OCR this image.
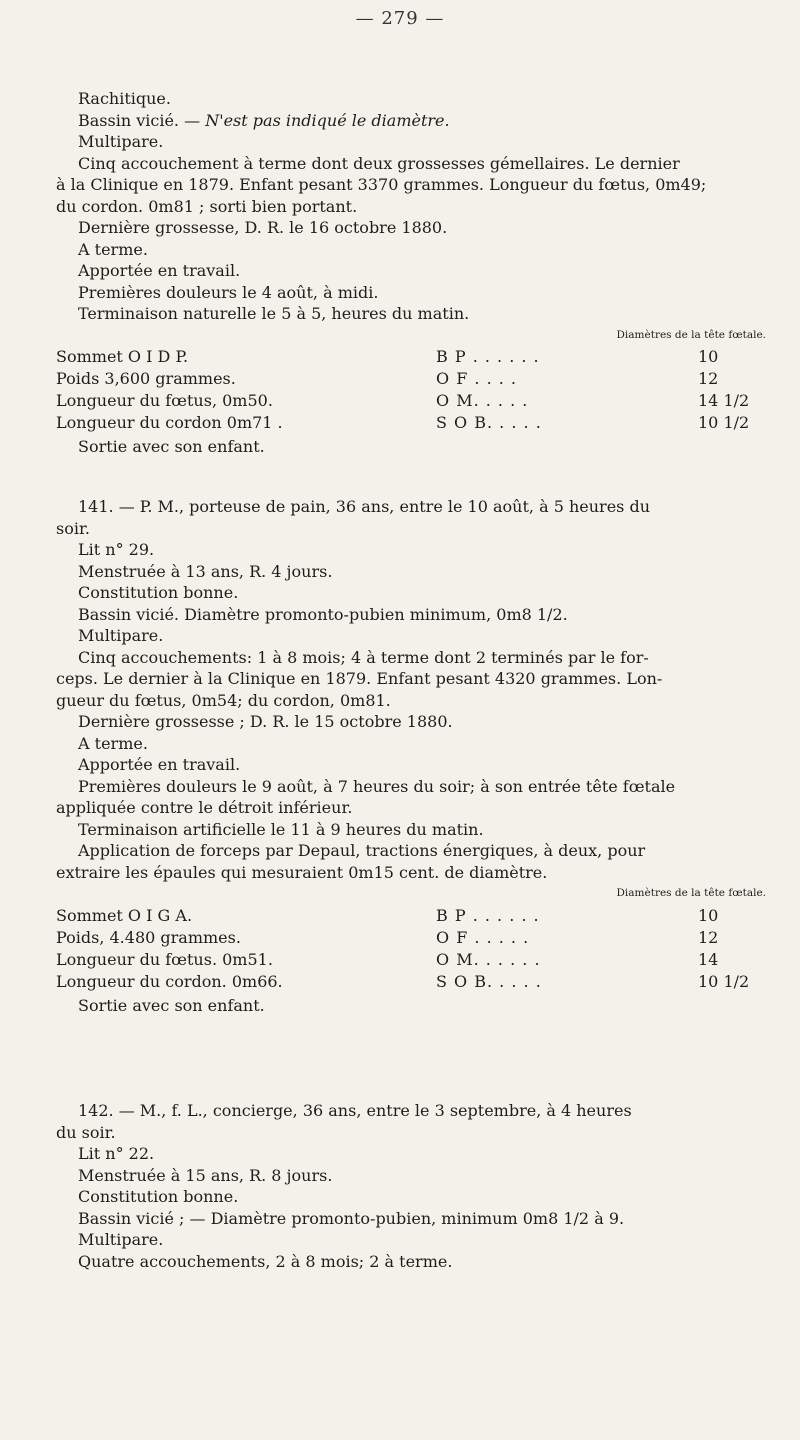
— 279 —
Rachitique.
Bassin vicié. — N'est pas indiqué le diamètre.
Multipare.
Cinq accouchement à terme dont deux grossesses gémellaires. Le dernier
à la Clinique en 1879. Enfant pesant 3370 grammes. Longueur du fœtus, 0m49;
du cordon. 0m81 ; sorti bien portant.
Dernière grossesse, D. R. le 16 octobre 1880.
A terme.
Apportée en travail.
Premières douleurs le 4 août, à midi.
Terminaison naturelle le 5 à 5, heures du matin.
Diamètres de la tête fœtale.
Sommet O I D P.	B P . . . . . .	10
Poids 3,600 grammes.	O F . . . .	12
Longueur du fœtus, 0m50.	O M. . . . .	14 1/2
Longueur du cordon 0m71 .	S O B. . . . .	10 1/2
Sortie avec son enfant.
141. — P. M., porteuse de pain, 36 ans, entre le 10 août, à 5 heures du
soir.
Lit n° 29.
Menstruée à 13 ans, R. 4 jours.
Constitution bonne.
Bassin vicié. Diamètre promonto-pubien minimum, 0m8 1/2.
Multipare.
Cinq accouchements: 1 à 8 mois; 4 à terme dont 2 terminés par le for-
ceps. Le dernier à la Clinique en 1879. Enfant pesant 4320 grammes. Lon-
gueur du fœtus, 0m54; du cordon, 0m81.
Dernière grossesse ; D. R. le 15 octobre 1880.
A terme.
Apportée en travail.
Premières douleurs le 9 août, à 7 heures du soir; à son entrée tête fœtale
appliquée contre le détroit inférieur.
Terminaison artificielle le 11 à 9 heures du matin.
Application de forceps par Depaul, tractions énergiques, à deux, pour
extraire les épaules qui mesuraient 0m15 cent. de diamètre.
Diamètres de la tête fœtale.
Sommet O I G A.	B P . . . . . .	10
Poids, 4.480 grammes.	O F . . . . .	12
Longueur du fœtus. 0m51.	O M. . . . . .	14
Longueur du cordon. 0m66.	S O B. . . . .	10 1/2
Sortie avec son enfant.
142. — M., f. L., concierge, 36 ans, entre le 3 septembre, à 4 heures
du soir.
Lit n° 22.
Menstruée à 15 ans, R. 8 jours.
Constitution bonne.
Bassin vicié ; — Diamètre promonto-pubien, minimum 0m8 1/2 à 9.
Multipare.
Quatre accouchements, 2 à 8 mois; 2 à terme.
